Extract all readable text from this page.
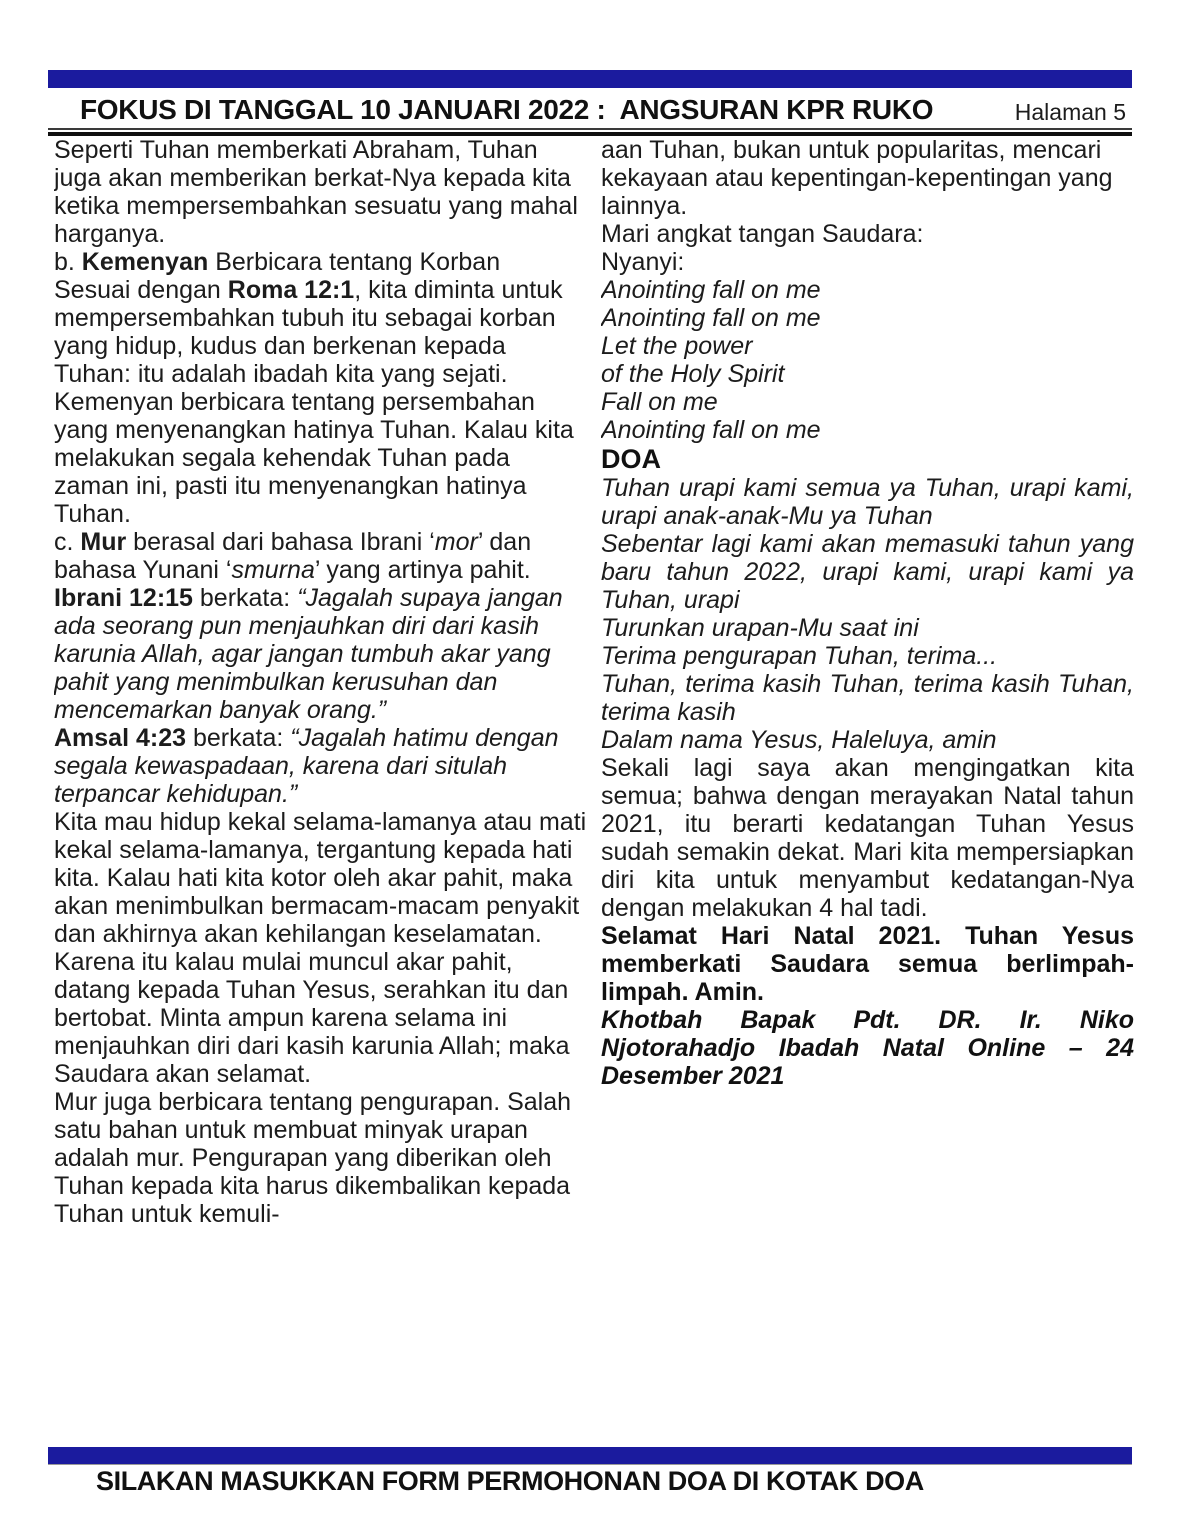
FOKUS DI TANGGAL 10 JANUARI 2022 :  ANGSURAN KPR RUKO	Halaman 5

Seperti Tuhan memberkati Abraham, Tuhan juga akan memberikan berkat-Nya kepada kita ketika mempersembahkan sesuatu yang mahal harganya.

b. Kemenyan Berbicara tentang Korban

Sesuai dengan Roma 12:1, kita diminta untuk mempersembahkan tubuh itu sebagai korban yang hidup, kudus dan berkenan kepada Tuhan: itu adalah ibadah kita yang sejati.

Kemenyan berbicara tentang persembahan yang menyenangkan hatinya Tuhan. Kalau kita melakukan segala kehendak Tuhan pada zaman ini, pasti itu menyenangkan hatinya Tuhan.

c. Mur berasal dari bahasa Ibrani ‘mor’ dan bahasa Yunani ‘smurna’ yang artinya pahit.

Ibrani 12:15 berkata: “Jagalah supaya jangan ada seorang pun menjauhkan diri dari kasih karunia Allah, agar jangan tumbuh akar yang pahit yang menimbulkan kerusuhan dan mencemarkan banyak orang.”

Amsal 4:23 berkata: “Jagalah hatimu dengan segala kewaspadaan, karena dari situlah terpancar kehidupan.”

Kita mau hidup kekal selama-lamanya atau mati kekal selama-lamanya, tergantung kepada hati kita. Kalau hati kita kotor oleh akar pahit, maka akan menimbulkan bermacam-macam penyakit dan akhirnya akan kehilangan keselamatan. Karena itu kalau mulai muncul akar pahit, datang kepada Tuhan Yesus, serahkan itu dan bertobat. Minta ampun karena selama ini menjauhkan diri dari kasih karunia Allah; maka Saudara akan selamat.

Mur juga berbicara tentang pengurapan. Salah satu bahan untuk membuat minyak urapan adalah mur. Pengurapan yang diberikan oleh Tuhan kepada kita harus dikembalikan kepada Tuhan untuk kemuli-

aan Tuhan, bukan untuk popularitas, mencari kekayaan atau kepentingan-kepentingan yang lainnya.

Mari angkat tangan Saudara:

Nyanyi:

Anointing fall on me
Anointing fall on me
Let the power
of the Holy Spirit
Fall on me
Anointing fall on me
DOA

Tuhan urapi kami semua ya Tuhan, urapi kami, urapi anak-anak-Mu ya Tuhan

Sebentar lagi kami akan memasuki tahun yang baru tahun 2022, urapi kami, urapi kami ya Tuhan, urapi

Turunkan urapan-Mu saat ini

Terima pengurapan Tuhan, terima...

Tuhan, terima kasih Tuhan, terima kasih Tuhan, terima kasih

Dalam nama Yesus, Haleluya, amin

Sekali lagi saya akan mengingatkan kita semua; bahwa dengan merayakan Natal tahun 2021, itu berarti kedatangan Tuhan Yesus sudah semakin dekat. Mari kita mempersiapkan diri kita untuk menyambut kedatangan-Nya dengan melakukan 4 hal tadi.

Selamat Hari Natal 2021. Tuhan Yesus memberkati Saudara semua berlimpah-limpah. Amin.

Khotbah Bapak Pdt. DR. Ir. Niko Njotorahadjo Ibadah Natal Online – 24 Desember 2021

SILAKAN MASUKKAN FORM PERMOHONAN DOA DI KOTAK DOA
